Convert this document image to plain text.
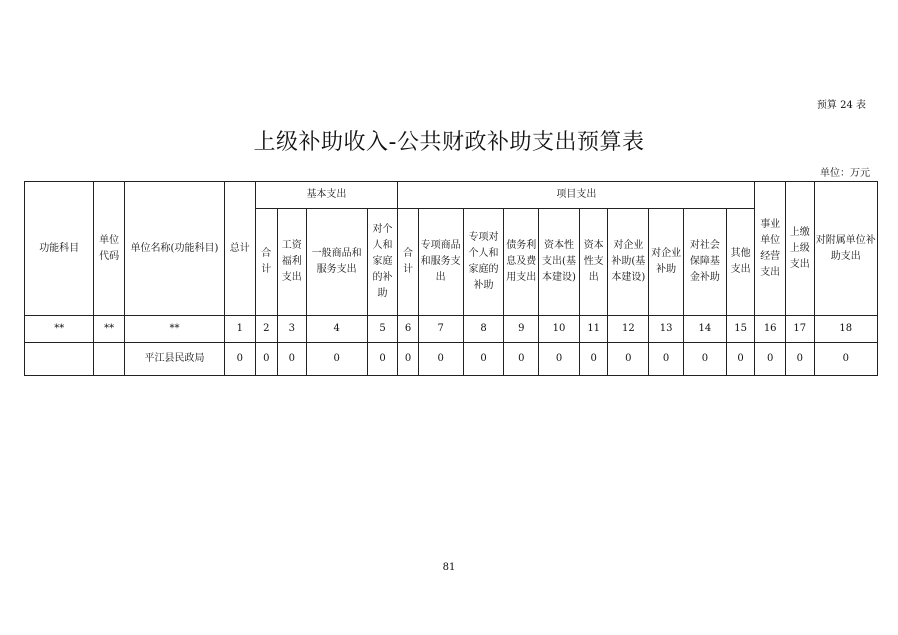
预算 24 表
上级补助收入-公共财政补助支出预算表
单位：万元
功能科目	单位代码	单位名称(功能科目)	总计	基本支出				项目支出										事业单位经营支出	上缴上级支出	对附属单位补助支出
				合计	工资福利支出	一般商品和服务支出	对个人和家庭的补助	合计	专项商品和服务支出	专项对个人和家庭的补助	债务利息及费用支出	资本性支出(基本建设)	资本性支出	对企业补助(基本建设)	对企业补助	对社会保障基金补助	其他支出			
**	**	**	1	2	3	4	5	6	7	8	9	10	11	12	13	14	15	16	17	18
		平江县民政局	0	0	0	0	0	0	0	0	0	0	0	0	0	0	0	0	0	0
81
